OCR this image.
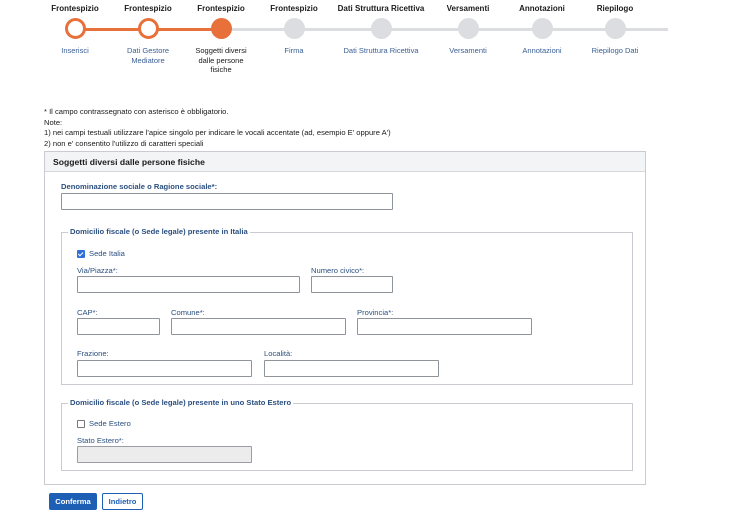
Frontespizio
Inserisci
Frontespizio
Dati Gestore Mediatore
Frontespizio
Soggetti diversi dalle persone fisiche
Frontespizio
Firma
Dati Struttura Ricettiva
Dati Struttura Ricettiva
Versamenti
Versamenti
Annotazioni
Annotazioni
Riepilogo
Riepilogo Dati
* Il campo contrassegnato con asterisco è obbligatorio.
Note:
1) nei campi testuali utilizzare l'apice singolo per indicare le vocali accentate (ad, esempio E' oppure A')
2) non e' consentito l'utilizzo di caratteri speciali
Soggetti diversi dalle persone fisiche
Denominazione sociale o Ragione sociale*:
Domicilio fiscale (o Sede legale) presente in Italia
Sede Italia
Via/Piazza*:	Numero civico*:
CAP*:	Comune*:	Provincia*:
Frazione:	Località:
Domicilio fiscale (o Sede legale) presente in uno Stato Estero
Sede Estero
Stato Estero*:
Conferma	Indietro
